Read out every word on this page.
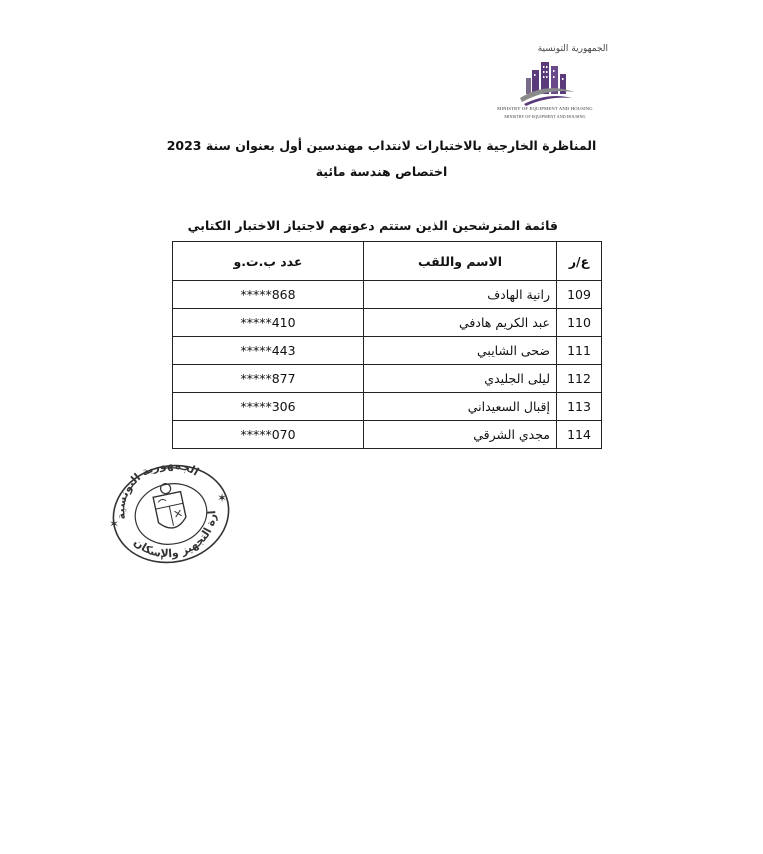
الجمهورية التونسية
MINISTRY OF EQUIPMENT AND HOUSING
MINISTRY OF EQUIPMENT AND HOUSING
المناظرة الخارجية بالاختبارات لانتداب مهندسين أول بعنوان سنة 2023
اختصاص هندسة مائية
قائمة المترشحين الذين ستتم دعوتهم لاجتياز الاختبار الكتابي
ع/ر	الاسم واللقب	عدد ب.ت.و
109	رانية الهادف	*****868
110	عبد الكريم هادفي	*****410
111	ضحى الشايبي	*****443
112	ليلى الجليدي	*****877
113	إقبال السعيداني	*****306
114	مجدي الشرقي	*****070
الجمهورية التونسية
وزارة التجهيز والإسكان
✶
✶
